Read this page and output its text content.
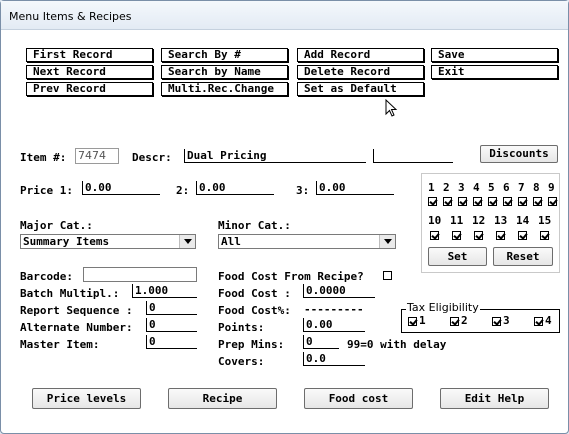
Menu Items & Recipes
First Record	Search By #	Add Record	Save
Next Record	Search by Name	Delete Record	Exit
Prev Record	Multi.Rec.Change	Set as Default
Item #: 7474	Descr: Dual Pricing	Discounts
Price 1: 0.00	2: 0.00	3: 0.00	1 2 3 4 5 6 7 8 9
10 11 12 13 14 15
Set	Reset
Major Cat.:
Summary Items
Minor Cat.:
All
Barcode:
Batch Multipl.: 1.000
Report Sequence : 0
Alternate Number: 0
Master Item:	0
Food Cost From Recipe?
Food Cost : 0.0000
Food Cost%: ---------
Points:	0.00
Prep Mins: 0	99=0 with delay
Covers:	0.0
Tax Eligibility
1	2	3	4
Price levels	Recipe	Food cost	Edit Help
